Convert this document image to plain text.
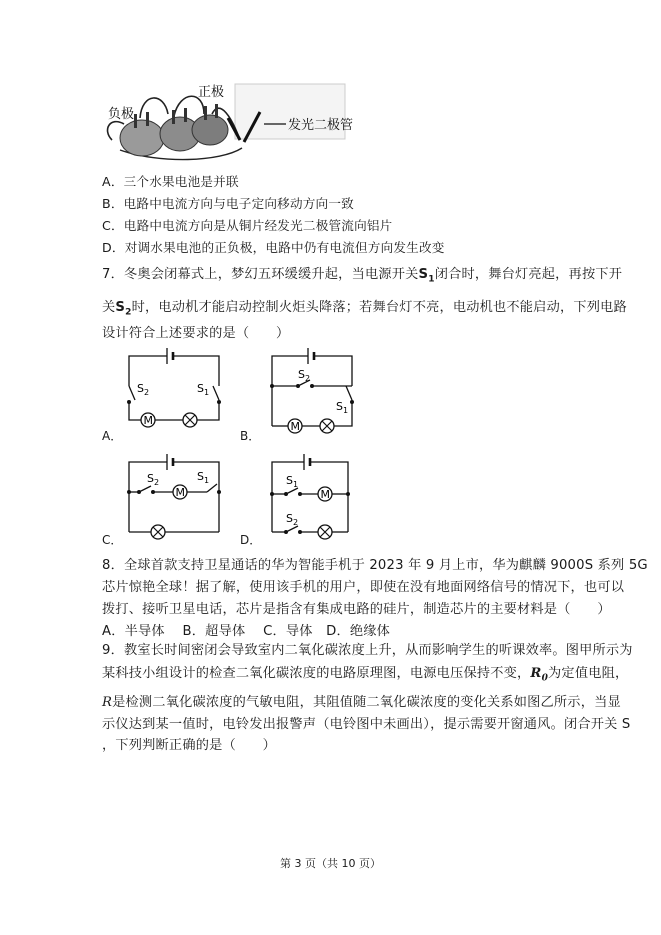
负极
正极
发光二极管
A．三个水果电池是并联
B．电路中电流方向与电子定向移动方向一致
C．电路中电流方向是从铜片经发光二极管流向铝片
D．对调水果电池的正负极，电路中仍有电流但方向发生改变
7．冬奥会闭幕式上，梦幻五环缓缓升起，当电源开关$S_1$闭合时，舞台灯亮起，再按下开
关$S_2$时，电动机才能启动控制火炬头降落；若舞台灯不亮，电动机也不能启动，下列电路
设计符合上述要求的是（　　）
M
$S_2$	$S_1$
A．
M
$S_2$
$S_1$
B．
M
$S_2$	$S_1$
C．
M
$S_1$
$S_2$
D．
8．全球首款支持卫星通话的华为智能手机于 2023 年 9 月上市，华为麒麟 9000S 系列 5G
芯片惊艳全球！据了解，使用该手机的用户，即使在没有地面网络信号的情况下，也可以
拨打、接听卫星电话，芯片是指含有集成电路的硅片，制造芯片的主要材料是（　　）
A．半导体　 B．超导体　 C．导体　D．绝缘体
9．教室长时间密闭会导致室内二氧化碳浓度上升，从而影响学生的听课效率。图甲所示为
某科技小组设计的检查二氧化碳浓度的电路原理图，电源电压保持不变，$R_0$为定值电阻，
R是检测二氧化碳浓度的气敏电阻，其阻值随二氧化碳浓度的变化关系如图乙所示，当显
示仪达到某一值时，电铃发出报警声（电铃图中未画出），提示需要开窗通风。闭合开关 S
，下列判断正确的是（　　）
第 3 页（共 10 页）
